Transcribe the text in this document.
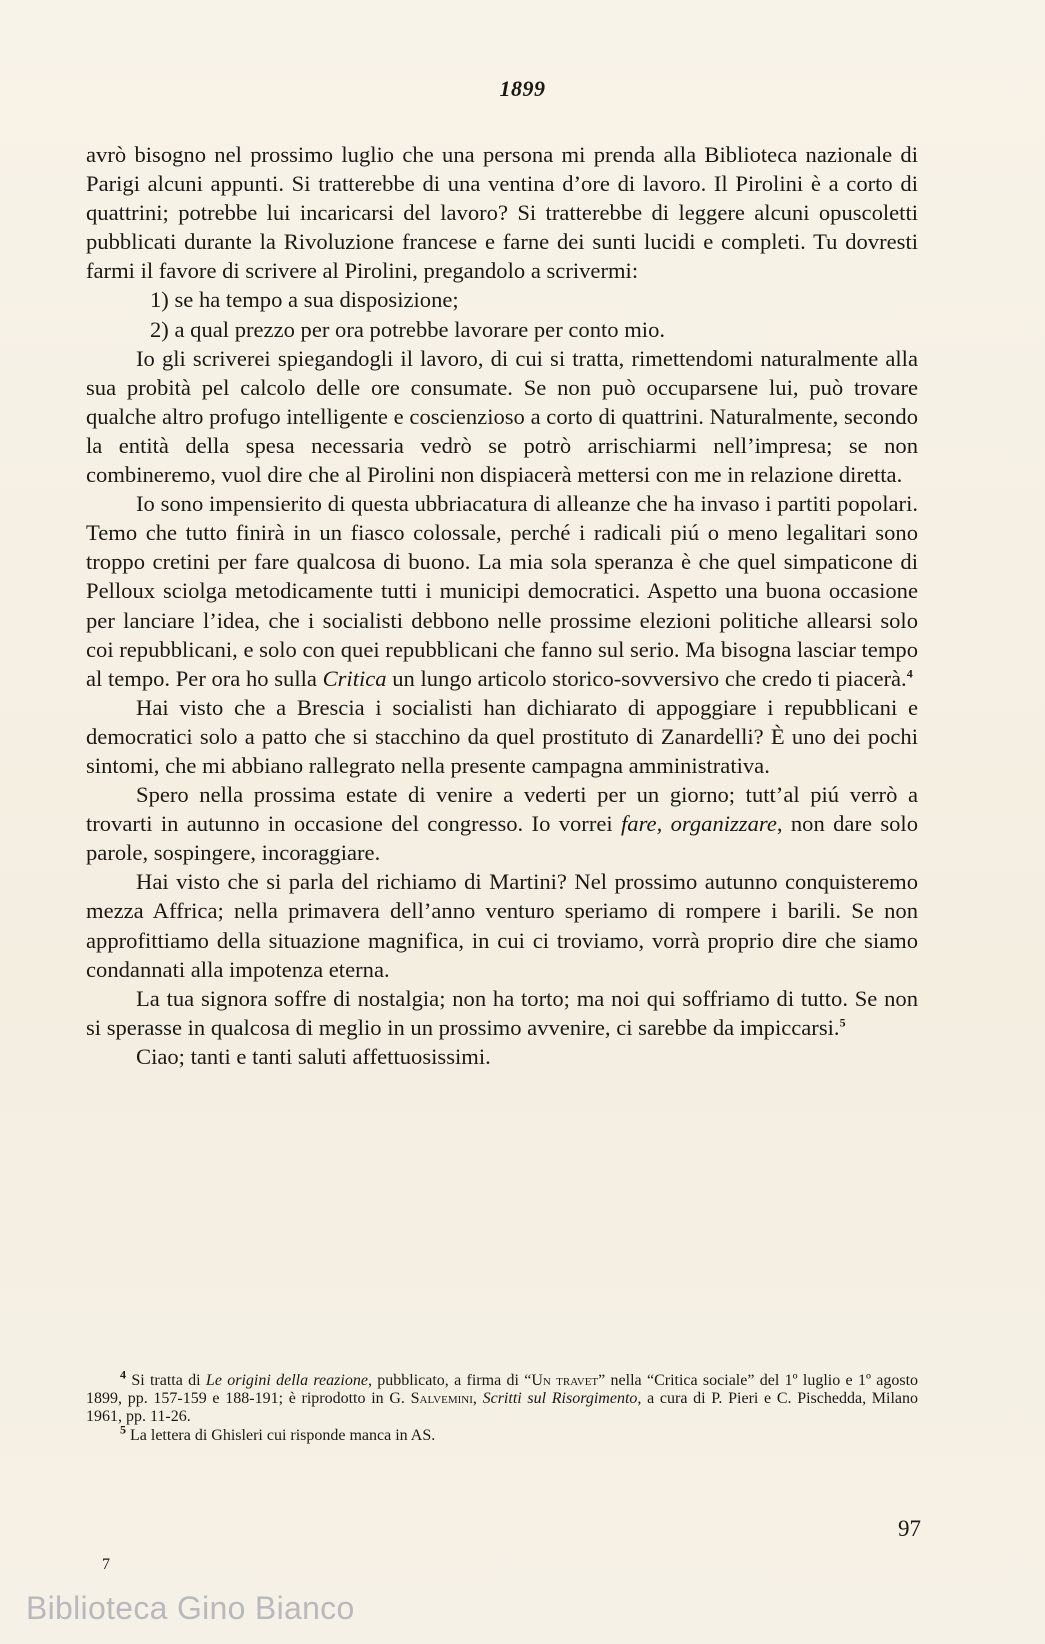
1899

avrò bisogno nel prossimo luglio che una persona mi prenda alla Biblioteca nazionale di Parigi alcuni appunti. Si tratterebbe di una ventina d’ore di lavoro. Il Pirolini è a corto di quattrini; potrebbe lui incaricarsi del lavoro? Si tratterebbe di leggere alcuni opuscoletti pubblicati durante la Rivoluzione francese e farne dei sunti lucidi e completi. Tu dovresti farmi il favore di scrivere al Pirolini, pregandolo a scrivermi:

1) se ha tempo a sua disposizione;

2) a qual prezzo per ora potrebbe lavorare per conto mio.

Io gli scriverei spiegandogli il lavoro, di cui si tratta, rimettendomi naturalmente alla sua probità pel calcolo delle ore consumate. Se non può occuparsene lui, può trovare qualche altro profugo intelligente e coscienzioso a corto di quattrini. Naturalmente, secondo la entità della spesa necessaria vedrò se potrò arrischiarmi nell’impresa; se non combineremo, vuol dire che al Pirolini non dispiacerà mettersi con me in relazione diretta.

Io sono impensierito di questa ubbriacatura di alleanze che ha invaso i partiti popolari. Temo che tutto finirà in un fiasco colossale, perché i radicali piú o meno legalitari sono troppo cretini per fare qualcosa di buono. La mia sola speranza è che quel simpaticone di Pelloux sciolga metodicamente tutti i municipi democratici. Aspetto una buona occasione per lanciare l’idea, che i socialisti debbono nelle prossime elezioni politiche allearsi solo coi repubblicani, e solo con quei repubblicani che fanno sul serio. Ma bisogna lasciar tempo al tempo. Per ora ho sulla Critica un lungo articolo storico-sovversivo che credo ti piacerà.$^4$

Hai visto che a Brescia i socialisti han dichiarato di appoggiare i repubblicani e democratici solo a patto che si stacchino da quel prostituto di Zanardelli? È uno dei pochi sintomi, che mi abbiano rallegrato nella presente campagna amministrativa.

Spero nella prossima estate di venire a vederti per un giorno; tutt’al piú verrò a trovarti in autunno in occasione del congresso. Io vorrei fare, organizzare, non dare solo parole, sospingere, incoraggiare.

Hai visto che si parla del richiamo di Martini? Nel prossimo autunno conquisteremo mezza Affrica; nella primavera dell’anno venturo speriamo di rompere i barili. Se non approfittiamo della situazione magnifica, in cui ci troviamo, vorrà proprio dire che siamo condannati alla impotenza eterna.

La tua signora soffre di nostalgia; non ha torto; ma noi qui soffriamo di tutto. Se non si sperasse in qualcosa di meglio in un prossimo avvenire, ci sarebbe da impiccarsi.$^5$

Ciao; tanti e tanti saluti affettuosissimi.

$^4$ Si tratta di Le origini della reazione, pubblicato, a firma di “Un travet” nella “Critica sociale” del 1º luglio e 1º agosto 1899, pp. 157-159 e 188-191; è riprodotto in G. Salvemini, Scritti sul Risorgimento, a cura di P. Pieri e C. Pischedda, Milano 1961, pp. 11-26.

$^5$ La lettera di Ghisleri cui risponde manca in AS.

97
7
Biblioteca Gino Bianco
